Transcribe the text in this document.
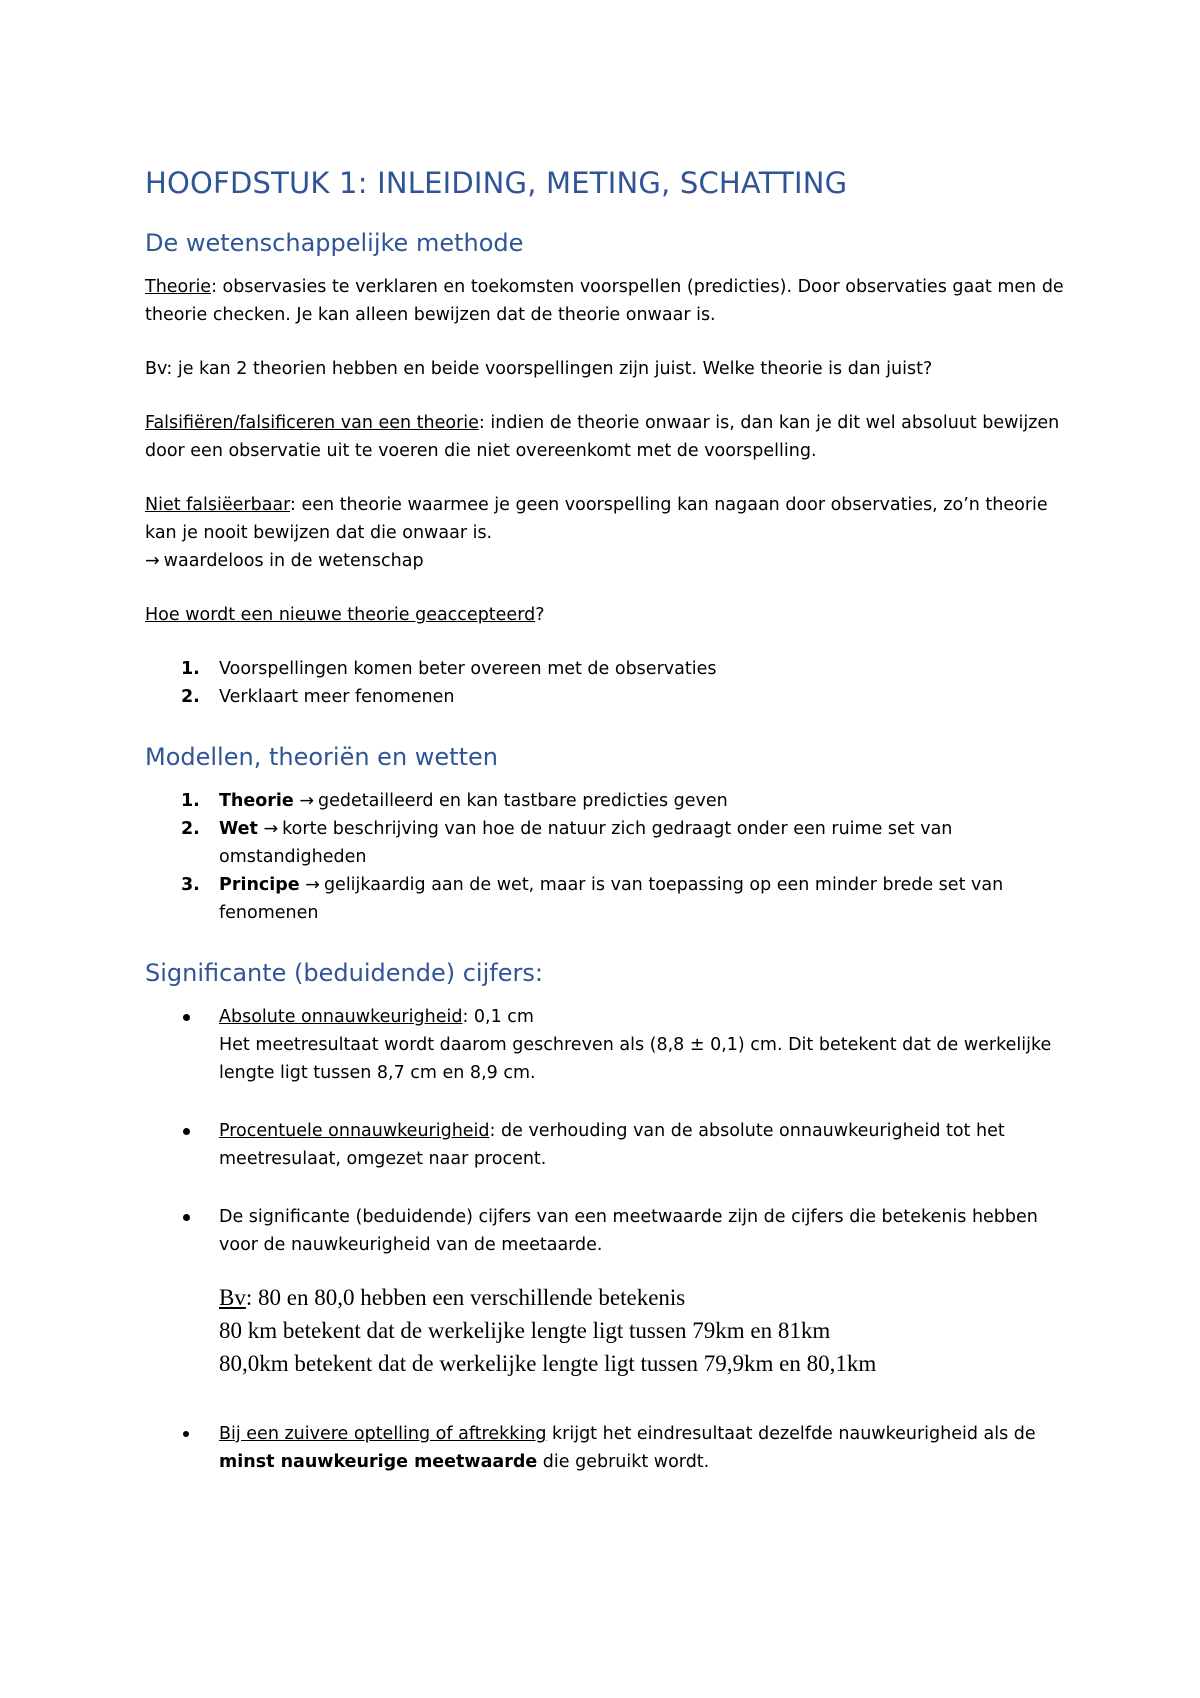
HOOFDSTUK 1: INLEIDING, METING, SCHATTING
De wetenschappelijke methode

Theorie: observasies te verklaren en toekomsten voorspellen (predicties). Door observaties gaat men de theorie checken. Je kan alleen bewijzen dat de theorie onwaar is.

Bv: je kan 2 theorien hebben en beide voorspellingen zijn juist. Welke theorie is dan juist?

Falsifiëren/falsificeren van een theorie: indien de theorie onwaar is, dan kan je dit wel absoluut bewijzen door een observatie uit te voeren die niet overeenkomt met de voorspelling.

Niet falsiëerbaar: een theorie waarmee je geen voorspelling kan nagaan door observaties, zo’n theorie kan je nooit bewijzen dat die onwaar is.
→ waardeloos in de wetenschap

Hoe wordt een nieuwe theorie geaccepteerd?

1. Voorspellingen komen beter overeen met de observaties
2. Verklaart meer fenomenen
Modellen, theoriën en wetten
1. Theorie → gedetailleerd en kan tastbare predicties geven
2. Wet → korte beschrijving van hoe de natuur zich gedraagt onder een ruime set van omstandigheden
3. Principe → gelijkaardig aan de wet, maar is van toepassing op een minder brede set van fenomenen
Significante (beduidende) cijfers:
Absolute onnauwkeurigheid: 0,1 cm
Het meetresultaat wordt daarom geschreven als (8,8 ± 0,1) cm. Dit betekent dat de werkelijke lengte ligt tussen 8,7 cm en 8,9 cm.
Procentuele onnauwkeurigheid: de verhouding van de absolute onnauwkeurigheid tot het meetresulaat, omgezet naar procent.
De significante (beduidende) cijfers van een meetwaarde zijn de cijfers die betekenis hebben voor de nauwkeurigheid van de meetaarde.
Bv: 80 en 80,0 hebben een verschillende betekenis
80 km betekent dat de werkelijke lengte ligt tussen 79km en 81km
80,0km betekent dat de werkelijke lengte ligt tussen 79,9km en 80,1km
Bij een zuivere optelling of aftrekking krijgt het eindresultaat dezelfde nauwkeurigheid als de minst nauwkeurige meetwaarde die gebruikt wordt.
